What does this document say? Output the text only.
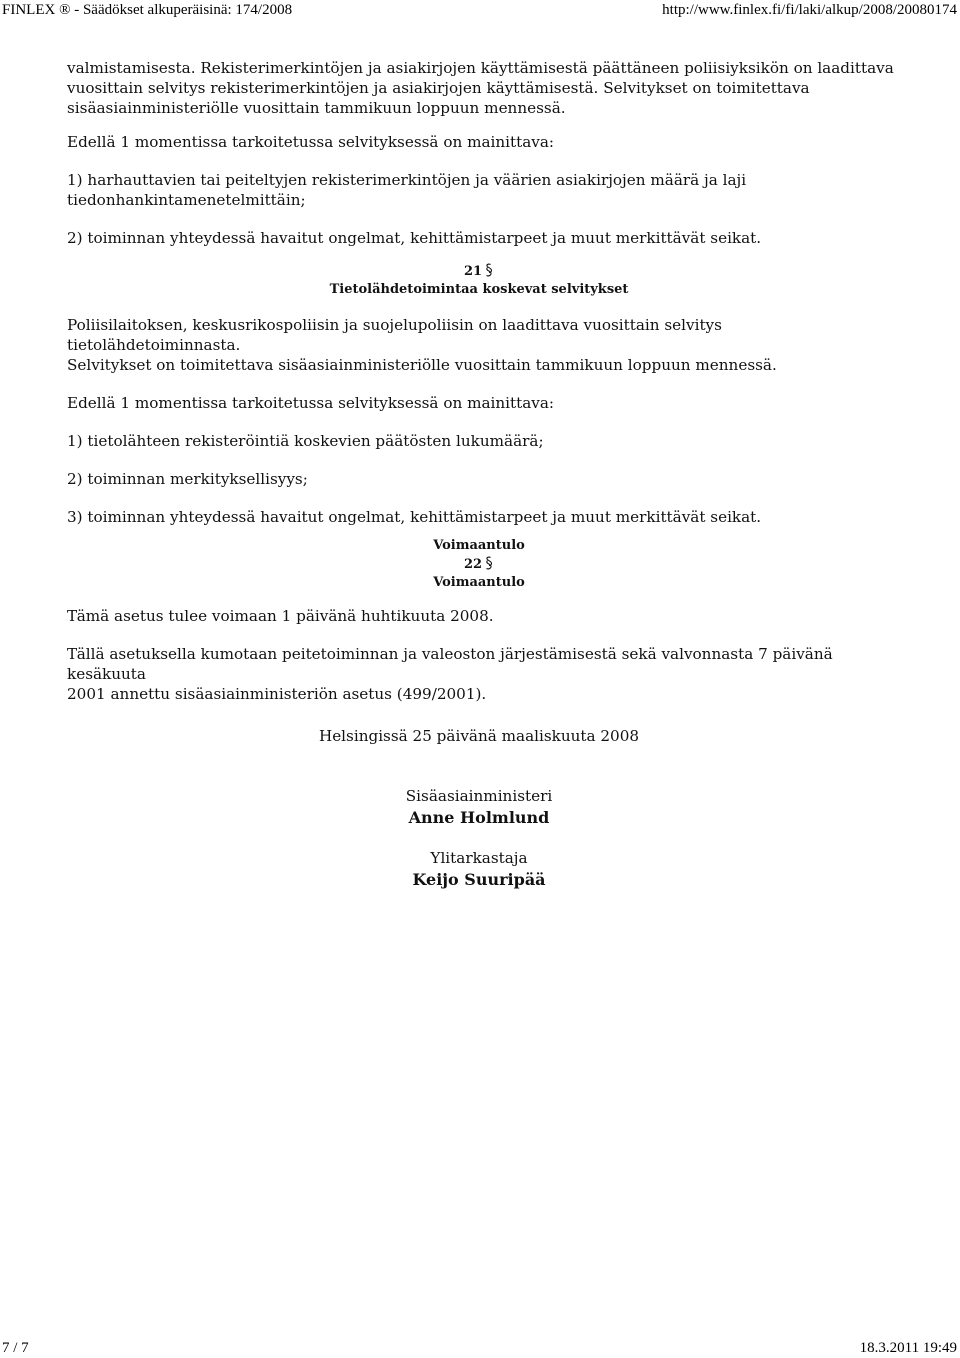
FINLEX ® - Säädökset alkuperäisinä: 174/2008	http://www.finlex.fi/fi/laki/alkup/2008/20080174
valmistamisesta. Rekisterimerkintöjen ja asiakirjojen käyttämisestä päättäneen poliisiyksikön on laadittava
vuosittain selvitys rekisterimerkintöjen ja asiakirjojen käyttämisestä. Selvitykset on toimitettava
sisäasiainministeriölle vuosittain tammikuun loppuun mennessä.
Edellä 1 momentissa tarkoitetussa selvityksessä on mainittava:
1) harhauttavien tai peiteltyjen rekisterimerkintöjen ja väärien asiakirjojen määrä ja laji
tiedonhankintamenetelmittäin;
2) toiminnan yhteydessä havaitut ongelmat, kehittämistarpeet ja muut merkittävät seikat.
21
Tietolähdetoimintaa koskevat selvitykset
Poliisilaitoksen, keskusrikospoliisin ja suojelupoliisin on laadittava vuosittain selvitys tietolähdetoiminnasta.
Selvitykset on toimitettava sisäasiainministeriölle vuosittain tammikuun loppuun mennessä.
Edellä 1 momentissa tarkoitetussa selvityksessä on mainittava:
1) tietolähteen rekisteröintiä koskevien päätösten lukumäärä;
2) toiminnan merkityksellisyys;
3) toiminnan yhteydessä havaitut ongelmat, kehittämistarpeet ja muut merkittävät seikat.
Voimaantulo
22
Voimaantulo
Tämä asetus tulee voimaan 1 päivänä huhtikuuta 2008.
Tällä asetuksella kumotaan peitetoiminnan ja valeoston järjestämisestä sekä valvonnasta 7 päivänä kesäkuuta
2001 annettu sisäasiainministeriön asetus (499/2001).
Helsingissä 25 päivänä maaliskuuta 2008
Sisäasiainministeri
Anne Holmlund
Ylitarkastaja
Keijo Suuripää
7 / 7	18.3.2011 19:49
